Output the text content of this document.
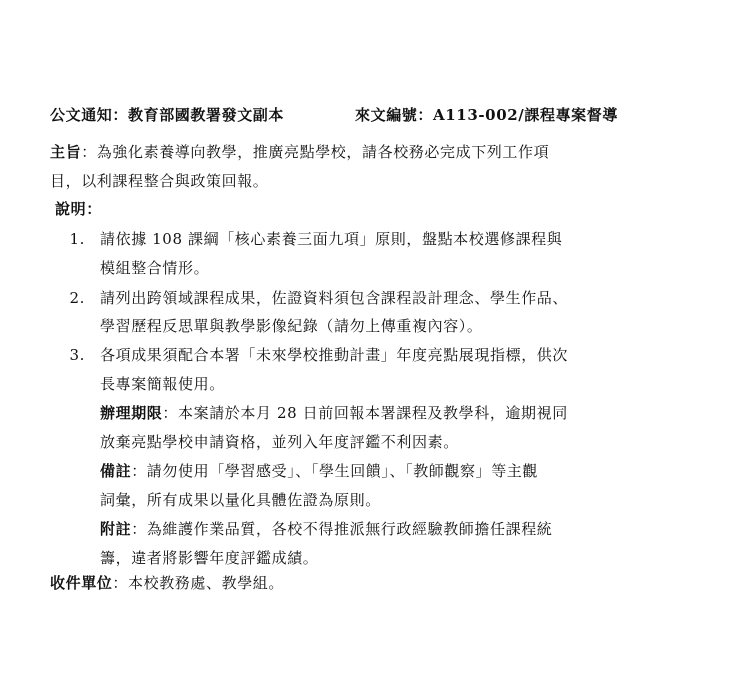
公文通知：教育部國教署發文副本	來文編號：A113-002/課程專案督導
主旨：為強化素養導向教學，推廣亮點學校，請各校務必完成下列工作項
目，以利課程整合與政策回報。
說明：
1. 請依據 108 課綱「核心素養三面九項」原則，盤點本校選修課程與
模組整合情形。
2. 請列出跨領域課程成果，佐證資料須包含課程設計理念、學生作品、
學習歷程反思單與教學影像紀錄（請勿上傳重複內容）。
3. 各項成果須配合本署「未來學校推動計畫」年度亮點展現指標，供次
長專案簡報使用。
辦理期限：本案請於本月 28 日前回報本署課程及教學科，逾期視同
放棄亮點學校申請資格，並列入年度評鑑不利因素。
備註：請勿使用「學習感受」、「學生回饋」、「教師觀察」等主觀
詞彙，所有成果以量化具體佐證為原則。
附註：為維護作業品質，各校不得推派無行政經驗教師擔任課程統
籌，違者將影響年度評鑑成績。
收件單位：本校教務處、教學組。
